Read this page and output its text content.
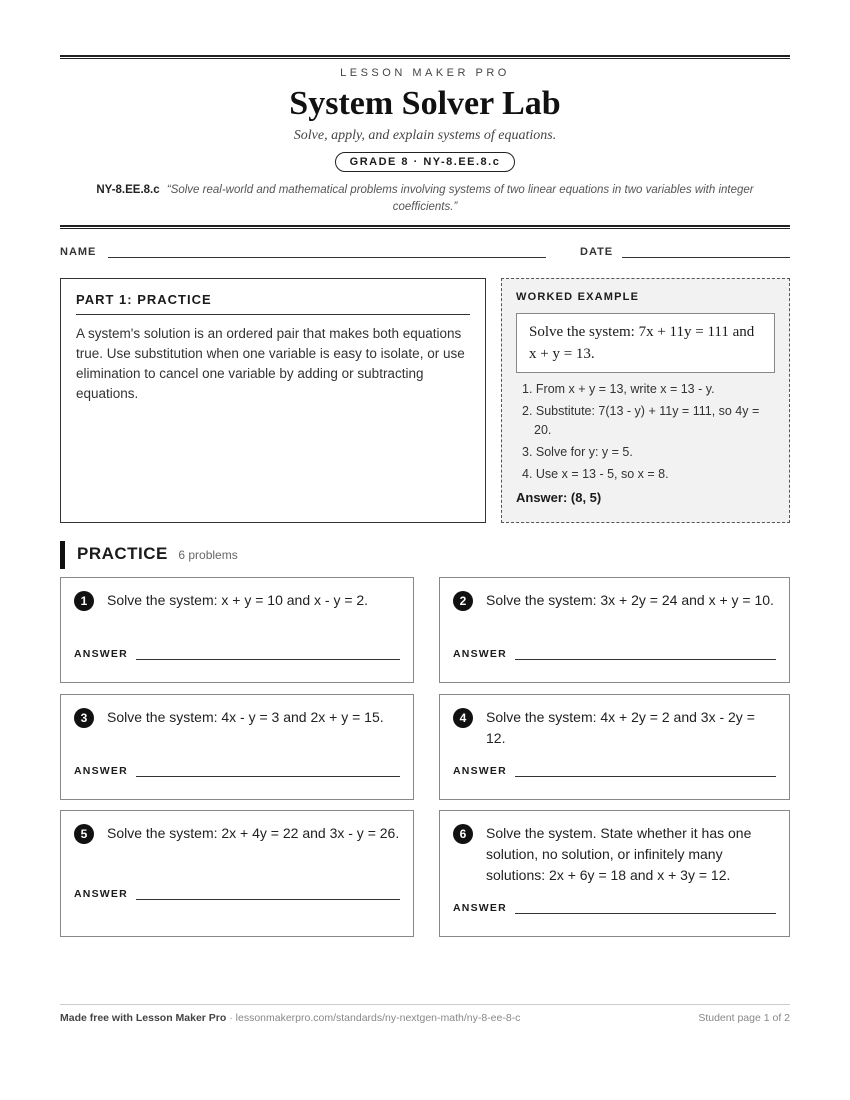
LESSON MAKER PRO
System Solver Lab
Solve, apply, and explain systems of equations.
GRADE 8 · NY-8.EE.8.c
NY-8.EE.8.c “Solve real-world and mathematical problems involving systems of two linear equations in two variables with integer coefficients.”
NAME	DATE
PART 1: PRACTICE
A system's solution is an ordered pair that makes both equations true. Use substitution when one variable is easy to isolate, or use elimination to cancel one variable by adding or subtracting equations.
WORKED EXAMPLE
Solve the system: 7x + 11y = 111 and x + y = 13.
1. From x + y = 13, write x = 13 - y.
2. Substitute: 7(13 - y) + 11y = 111, so 4y = 20.
3. Solve for y: y = 5.
4. Use x = 13 - 5, so x = 8.
Answer: (8, 5)
PRACTICE 6 problems
1	Solve the system: x + y = 10 and x - y = 2.
ANSWER
2	Solve the system: 3x + 2y = 24 and x + y = 10.
ANSWER
3	Solve the system: 4x - y = 3 and 2x + y = 15.
ANSWER
4	Solve the system: 4x + 2y = 2 and 3x - 2y = 12.
ANSWER
5	Solve the system: 2x + 4y = 22 and 3x - y = 26.
ANSWER
6	Solve the system. State whether it has one solution, no solution, or infinitely many solutions: 2x + 6y = 18 and x + 3y = 12.
ANSWER
Made free with Lesson Maker Pro · lessonmakerpro.com/standards/ny-nextgen-math/ny-8-ee-8-c	Student page 1 of 2
